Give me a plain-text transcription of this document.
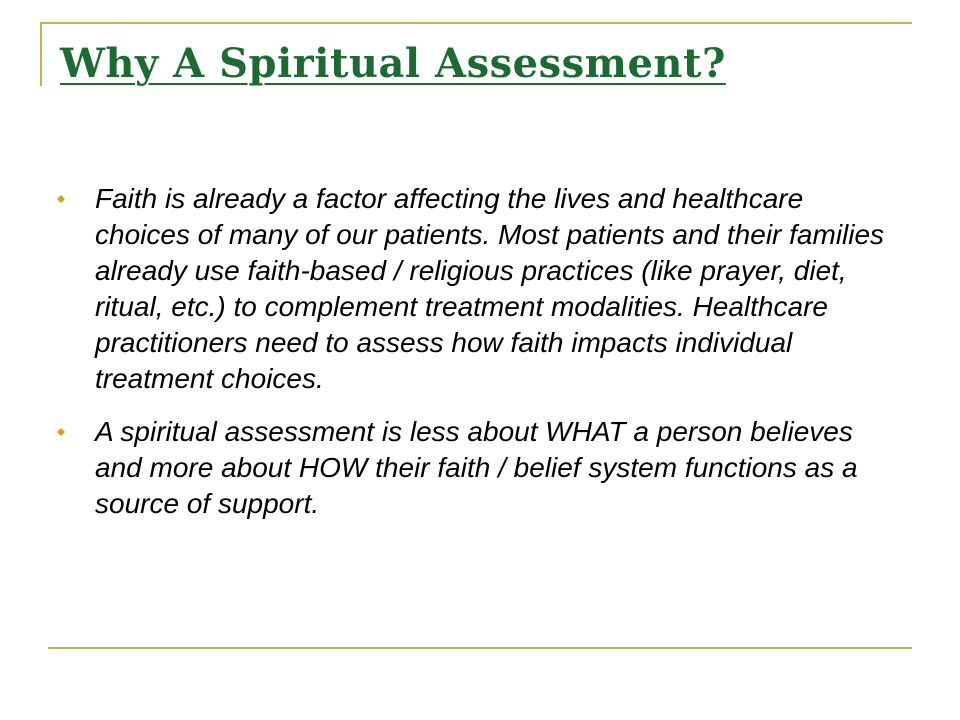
Why A Spiritual Assessment?
Faith is already a factor affecting the lives and healthcare choices of many of our patients. Most patients and their families already use faith-based / religious practices (like prayer, diet, ritual, etc.) to complement treatment modalities. Healthcare practitioners need to assess how faith impacts individual treatment choices.
A spiritual assessment is less about WHAT a person believes and more about HOW their faith / belief system functions as a source of support.
